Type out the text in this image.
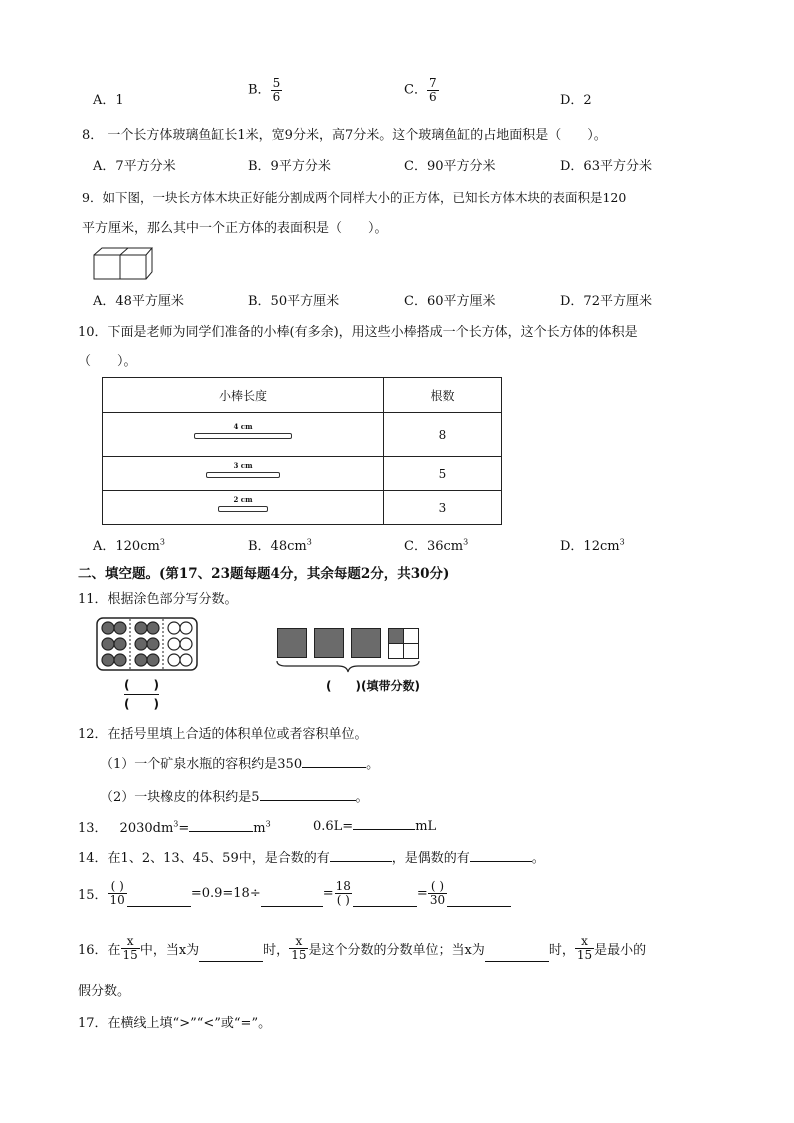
A．1
B． $\frac{5}{6}$	C． $\frac{7}{6}$	D．2
8． 一个长方体玻璃鱼缸长1米，宽9分米，高7分米。这个玻璃鱼缸的占地面积是（　　）。
A．7平方分米	B．9平方分米	C．90平方分米	D．63平方分米
9．如下图，一块长方体木块正好能分割成两个同样大小的正方体，已知长方体木块的表面积是120
平方厘米，那么其中一个正方体的表面积是（　　）。
A．48平方厘米	B．50平方厘米	C．60平方厘米	D．72平方厘米
10．下面是老师为同学们准备的小棒(有多余)，用这些小棒搭成一个长方体，这个长方体的体积是
（　　）。
小棒长度	根数

4 cm	8

3 cm	5

2 cm	3
A．$120cm^3$	B．$48cm^3$	C．$36cm^3$	D．$12cm^3$
二、填空题。(第17、23题每题4分，其余每题2分，共30分)
11．根据涂色部分写分数。
(　　)
(　　)
(　　)(填带分数)
12．在括号里填上合适的体积单位或者容积单位。
（1）一个矿泉水瓶的容积约是350	。
（2）一块橡皮的体积约是5	。
13． $2030dm^3=$	$m^3$	0.6L=	mL
14．在1、2、13、45、59中，是合数的有	，是偶数的有	。
15． $\frac{( )}{10}$	=0.9=18÷	= $\frac{18}{( )}$	= $\frac{( )}{30}$
16．在 $\frac{x}{15}$ 中，当x为	时， $\frac{x}{15}$ 是这个分数的分数单位；当x为	时， $\frac{x}{15}$ 是最小的
假分数。
17．在横线上填“>”“<”或“=”。
